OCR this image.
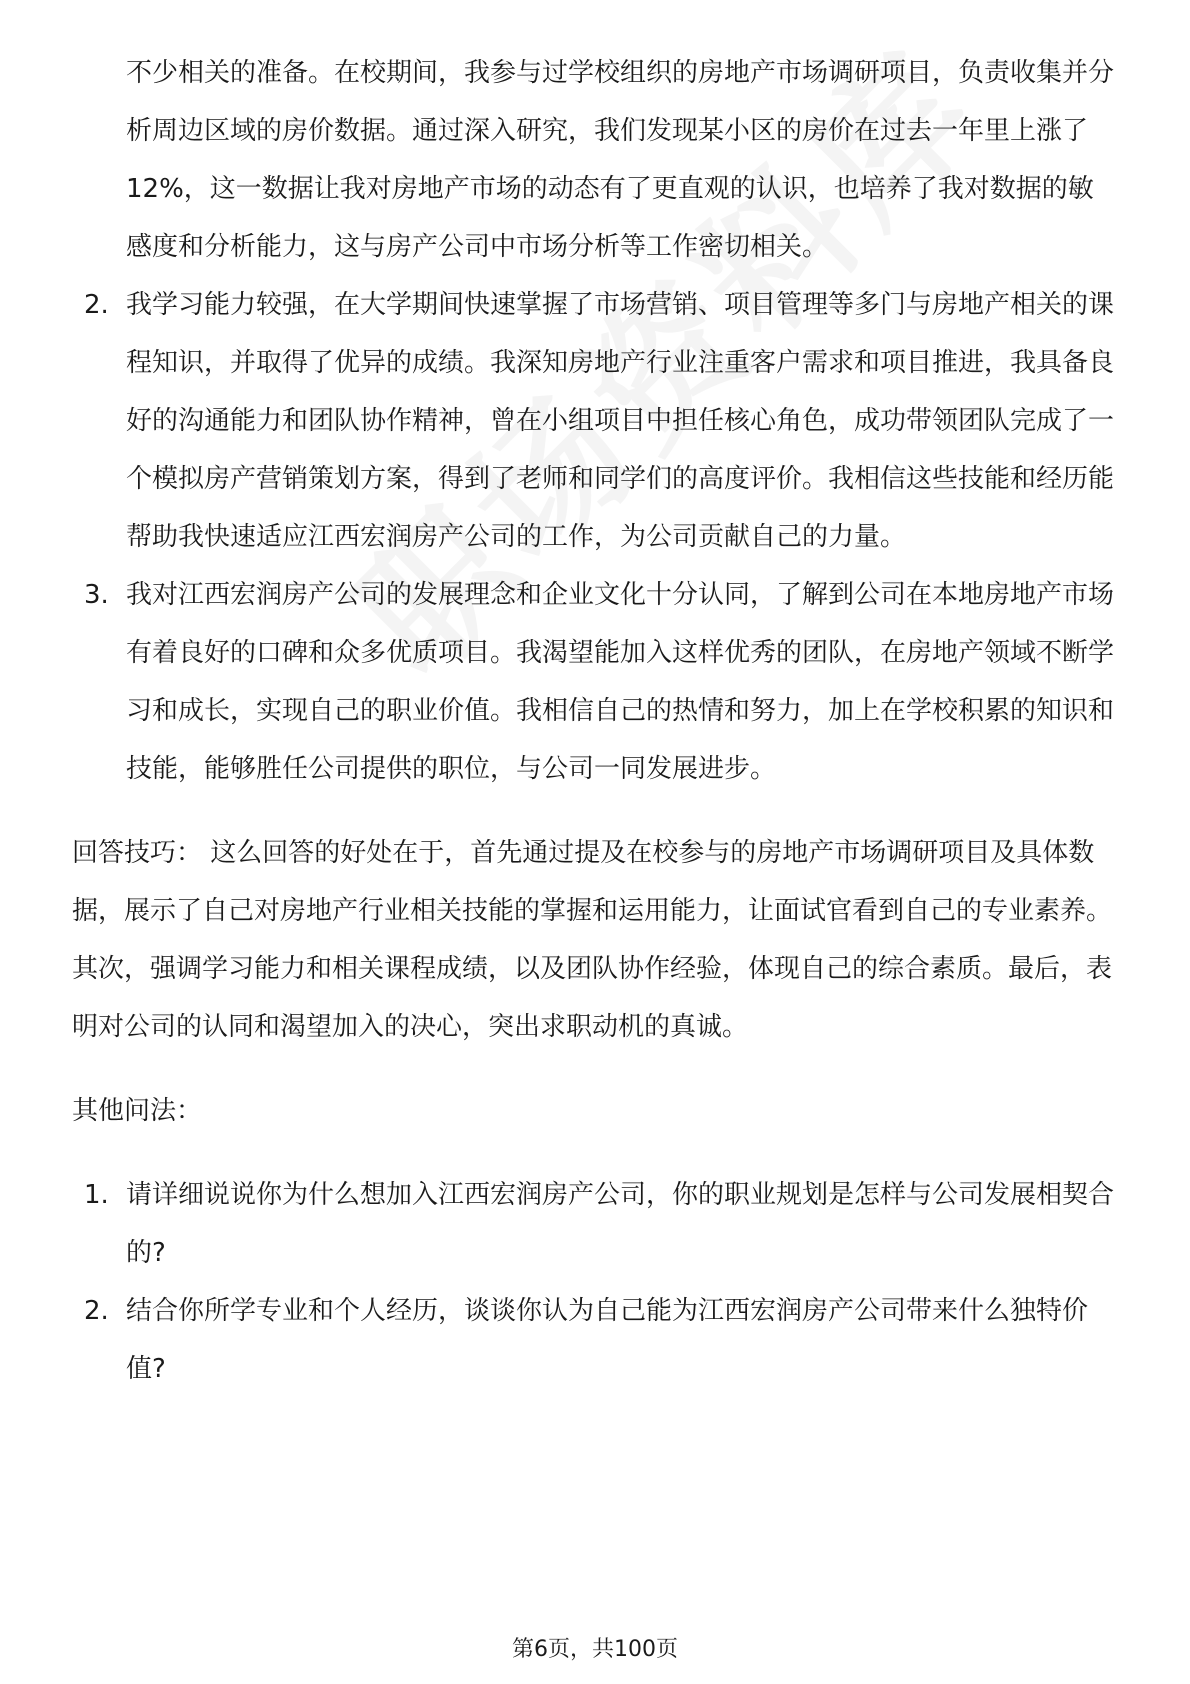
不少相关的准备。在校期间，我参与过学校组织的房地产市场调研项目，负责收集并分析周边区域的房价数据。通过深入研究，我们发现某小区的房价在过去一年里上涨了 12%，这一数据让我对房地产市场的动态有了更直观的认识，也培养了我对数据的敏感度和分析能力，这与房产公司中市场分析等工作密切相关。

2. 我学习能力较强，在大学期间快速掌握了市场营销、项目管理等多门与房地产相关的课程知识，并取得了优异的成绩。我深知房地产行业注重客户需求和项目推进，我具备良好的沟通能力和团队协作精神，曾在小组项目中担任核心角色，成功带领团队完成了一个模拟房产营销策划方案，得到了老师和同学们的高度评价。我相信这些技能和经历能帮助我快速适应江西宏润房产公司的工作，为公司贡献自己的力量。
3. 我对江西宏润房产公司的发展理念和企业文化十分认同，了解到公司在本地房地产市场有着良好的口碑和众多优质项目。我渴望能加入这样优秀的团队，在房地产领域不断学习和成长，实现自己的职业价值。我相信自己的热情和努力，加上在学校积累的知识和技能，能够胜任公司提供的职位，与公司一同发展进步。

回答技巧： 这么回答的好处在于，首先通过提及在校参与的房地产市场调研项目及具体数据，展示了自己对房地产行业相关技能的掌握和运用能力，让面试官看到自己的专业素养。其次，强调学习能力和相关课程成绩，以及团队协作经验，体现自己的综合素质。最后，表明对公司的认同和渴望加入的决心，突出求职动机的真诚。

其他问法：

1. 请详细说说你为什么想加入江西宏润房产公司，你的职业规划是怎样与公司发展相契合的?
2. 结合你所学专业和个人经历，谈谈你认为自己能为江西宏润房产公司带来什么独特价值?
第6页，共100页
